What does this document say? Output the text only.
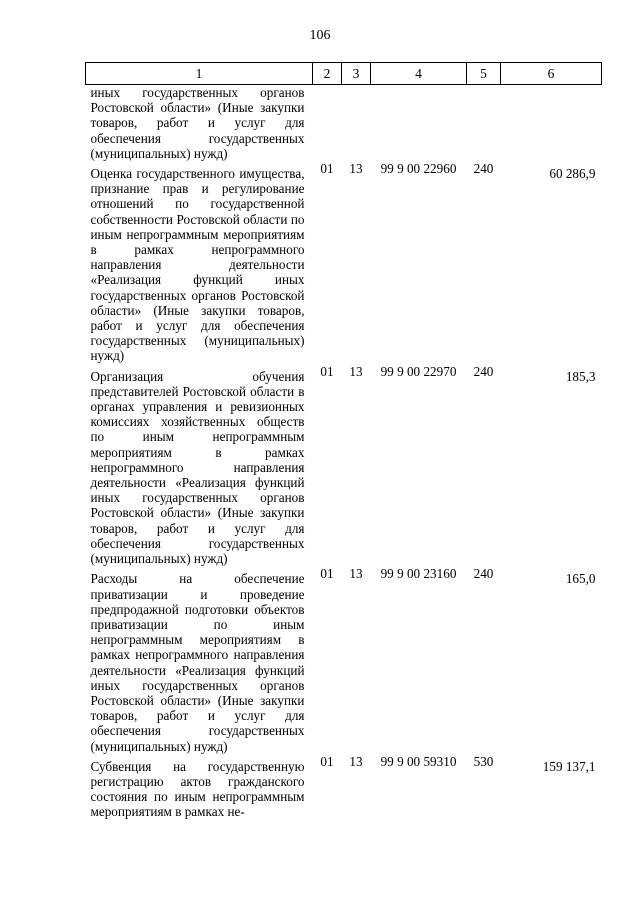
106
1	2	3	4	5	6
иных государственных органов Ростовской области» (Иные закупки товаров, работ и услуг для обеспечения государственных (муниципальных) нужд)					
Оценка государственного имущества, признание прав и регулирование отношений по государственной собственности Ростовской области по иным непрограммным мероприятиям в рамках непрограммного направления деятельности «Реализация функций иных государственных органов Ростовской области» (Иные закупки товаров, работ и услуг для обеспечения государственных (муниципальных) нужд)	01	13	99 9 00 22960	240	60 286,9
Организация обучения представителей Ростовской области в органах управления и ревизионных комиссиях хозяйственных обществ по иным непрограммным мероприятиям в рамках непрограммного направления деятельности «Реализация функций иных государственных органов Ростовской области» (Иные закупки товаров, работ и услуг для обеспечения государственных (муниципальных) нужд)	01	13	99 9 00 22970	240	185,3
Расходы на обеспечение приватизации и проведение предпродажной подготовки объектов приватизации по иным непрограммным мероприятиям в рамках непрограммного направления деятельности «Реализация функций иных государственных органов Ростовской области» (Иные закупки товаров, работ и услуг для обеспечения государственных (муниципальных) нужд)	01	13	99 9 00 23160	240	165,0
Субвенция на государственную регистрацию актов гражданского состояния по иным непрограммным мероприятиям в рамках не-	01	13	99 9 00 59310	530	159 137,1
